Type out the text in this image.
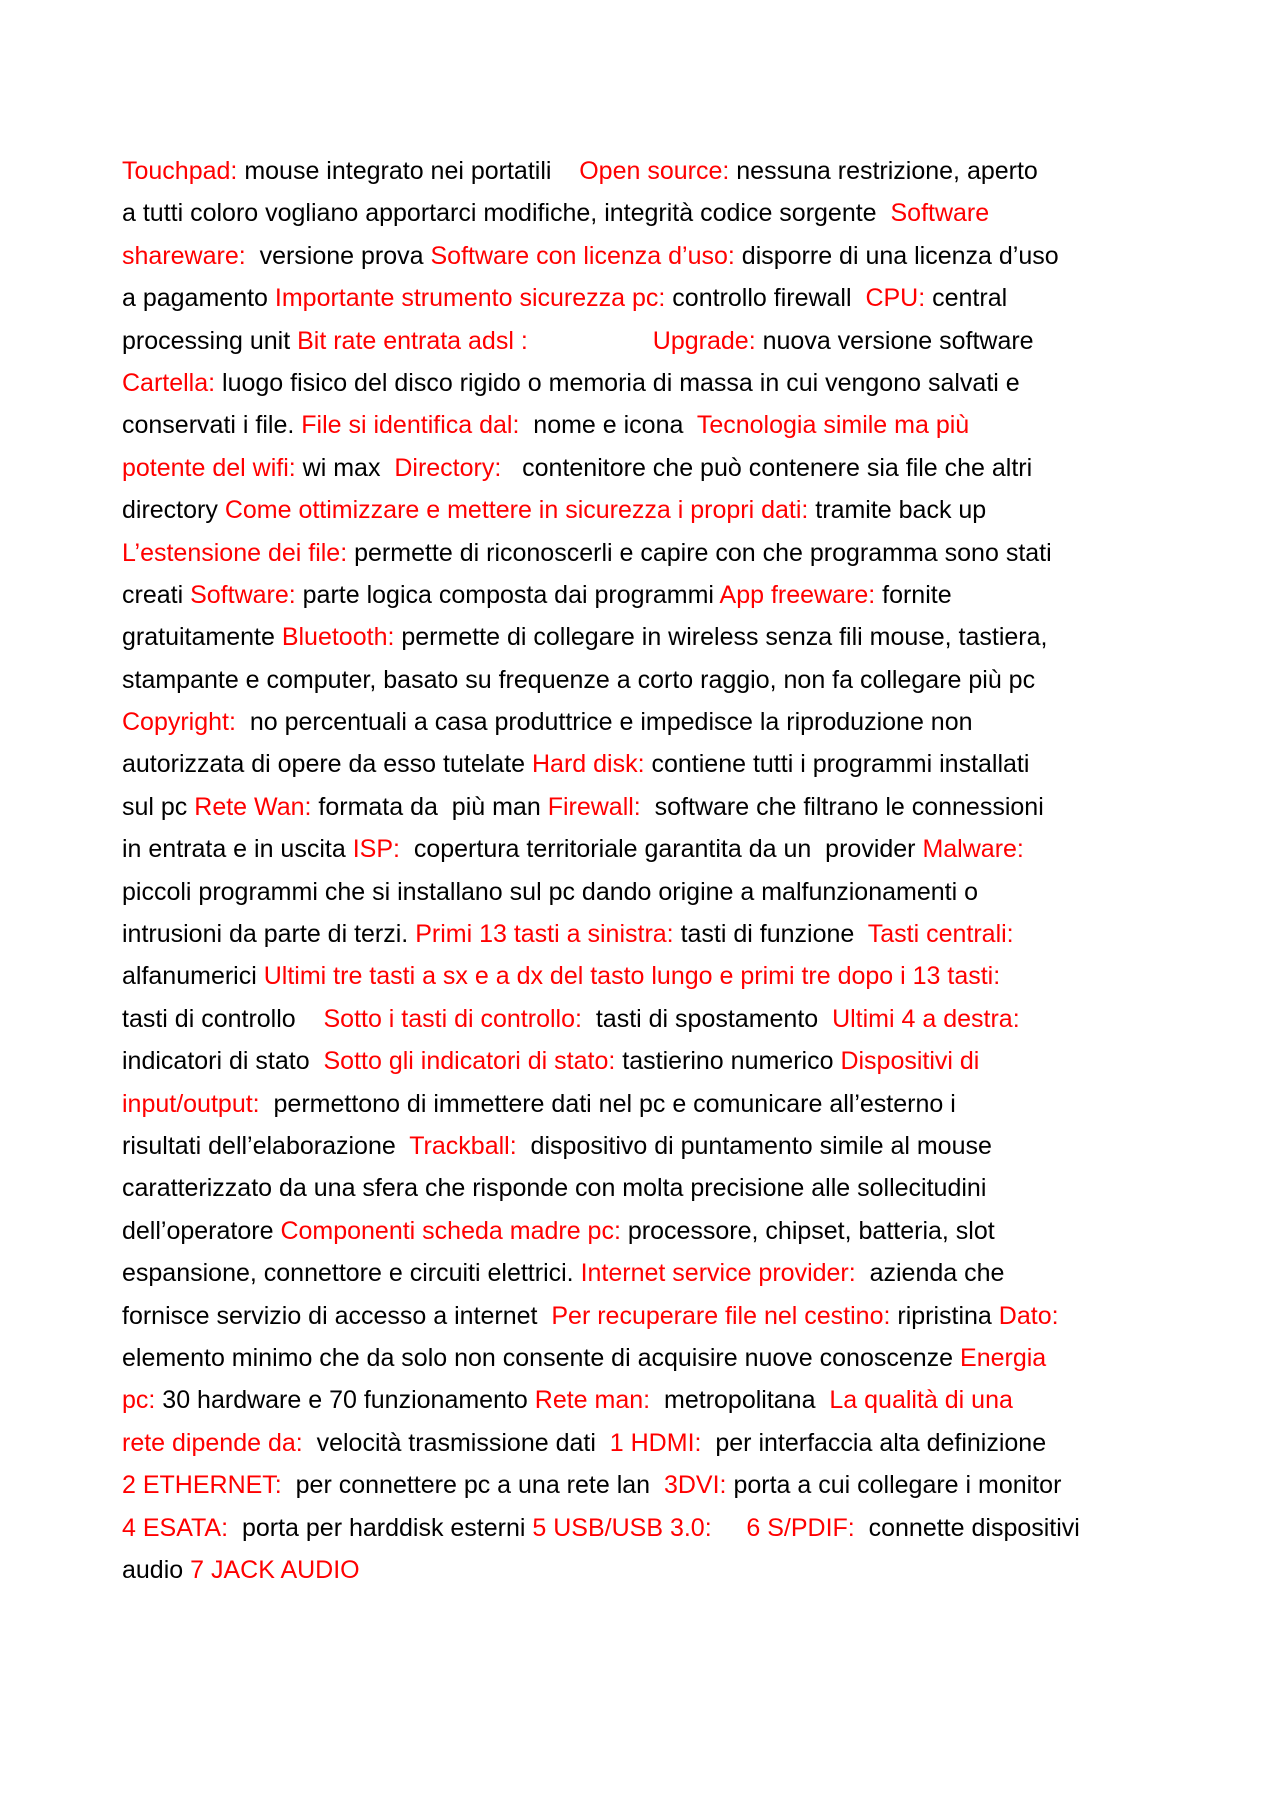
Touchpad: mouse integrato nei portatili    Open source: nessuna restrizione, aperto
a tutti coloro vogliano apportarci modifiche, integrità codice sorgente  Software
shareware:  versione prova Software con licenza d’uso: disporre di una licenza d’uso
a pagamento Importante strumento sicurezza pc: controllo firewall  CPU: central
processing unit Bit rate entrata adsl :                  Upgrade: nuova versione software
Cartella: luogo fisico del disco rigido o memoria di massa in cui vengono salvati e
conservati i file. File si identifica dal:  nome e icona  Tecnologia simile ma più
potente del wifi: wi max  Directory:   contenitore che può contenere sia file che altri
directory Come ottimizzare e mettere in sicurezza i propri dati: tramite back up
L’estensione dei file: permette di riconoscerli e capire con che programma sono stati
creati Software: parte logica composta dai programmi App freeware: fornite
gratuitamente Bluetooth: permette di collegare in wireless senza fili mouse, tastiera,
stampante e computer, basato su frequenze a corto raggio, non fa collegare più pc
Copyright:  no percentuali a casa produttrice e impedisce la riproduzione non
autorizzata di opere da esso tutelate Hard disk: contiene tutti i programmi installati
sul pc Rete Wan: formata da  più man Firewall:  software che filtrano le connessioni
in entrata e in uscita ISP:  copertura territoriale garantita da un  provider Malware:
piccoli programmi che si installano sul pc dando origine a malfunzionamenti o
intrusioni da parte di terzi. Primi 13 tasti a sinistra: tasti di funzione  Tasti centrali:
alfanumerici Ultimi tre tasti a sx e a dx del tasto lungo e primi tre dopo i 13 tasti:
tasti di controllo    Sotto i tasti di controllo:  tasti di spostamento  Ultimi 4 a destra:
indicatori di stato  Sotto gli indicatori di stato: tastierino numerico Dispositivi di
input/output:  permettono di immettere dati nel pc e comunicare all’esterno i
risultati dell’elaborazione  Trackball:  dispositivo di puntamento simile al mouse
caratterizzato da una sfera che risponde con molta precisione alle sollecitudini
dell’operatore Componenti scheda madre pc: processore, chipset, batteria, slot
espansione, connettore e circuiti elettrici. Internet service provider:  azienda che
fornisce servizio di accesso a internet  Per recuperare file nel cestino: ripristina Dato:
elemento minimo che da solo non consente di acquisire nuove conoscenze Energia
pc: 30 hardware e 70 funzionamento Rete man:  metropolitana  La qualità di una
rete dipende da:  velocità trasmissione dati  1 HDMI:  per interfaccia alta definizione
2 ETHERNET:  per connettere pc a una rete lan  3DVI: porta a cui collegare i monitor
4 ESATA:  porta per harddisk esterni 5 USB/USB 3.0:     6 S/PDIF:  connette dispositivi
audio 7 JACK AUDIO
